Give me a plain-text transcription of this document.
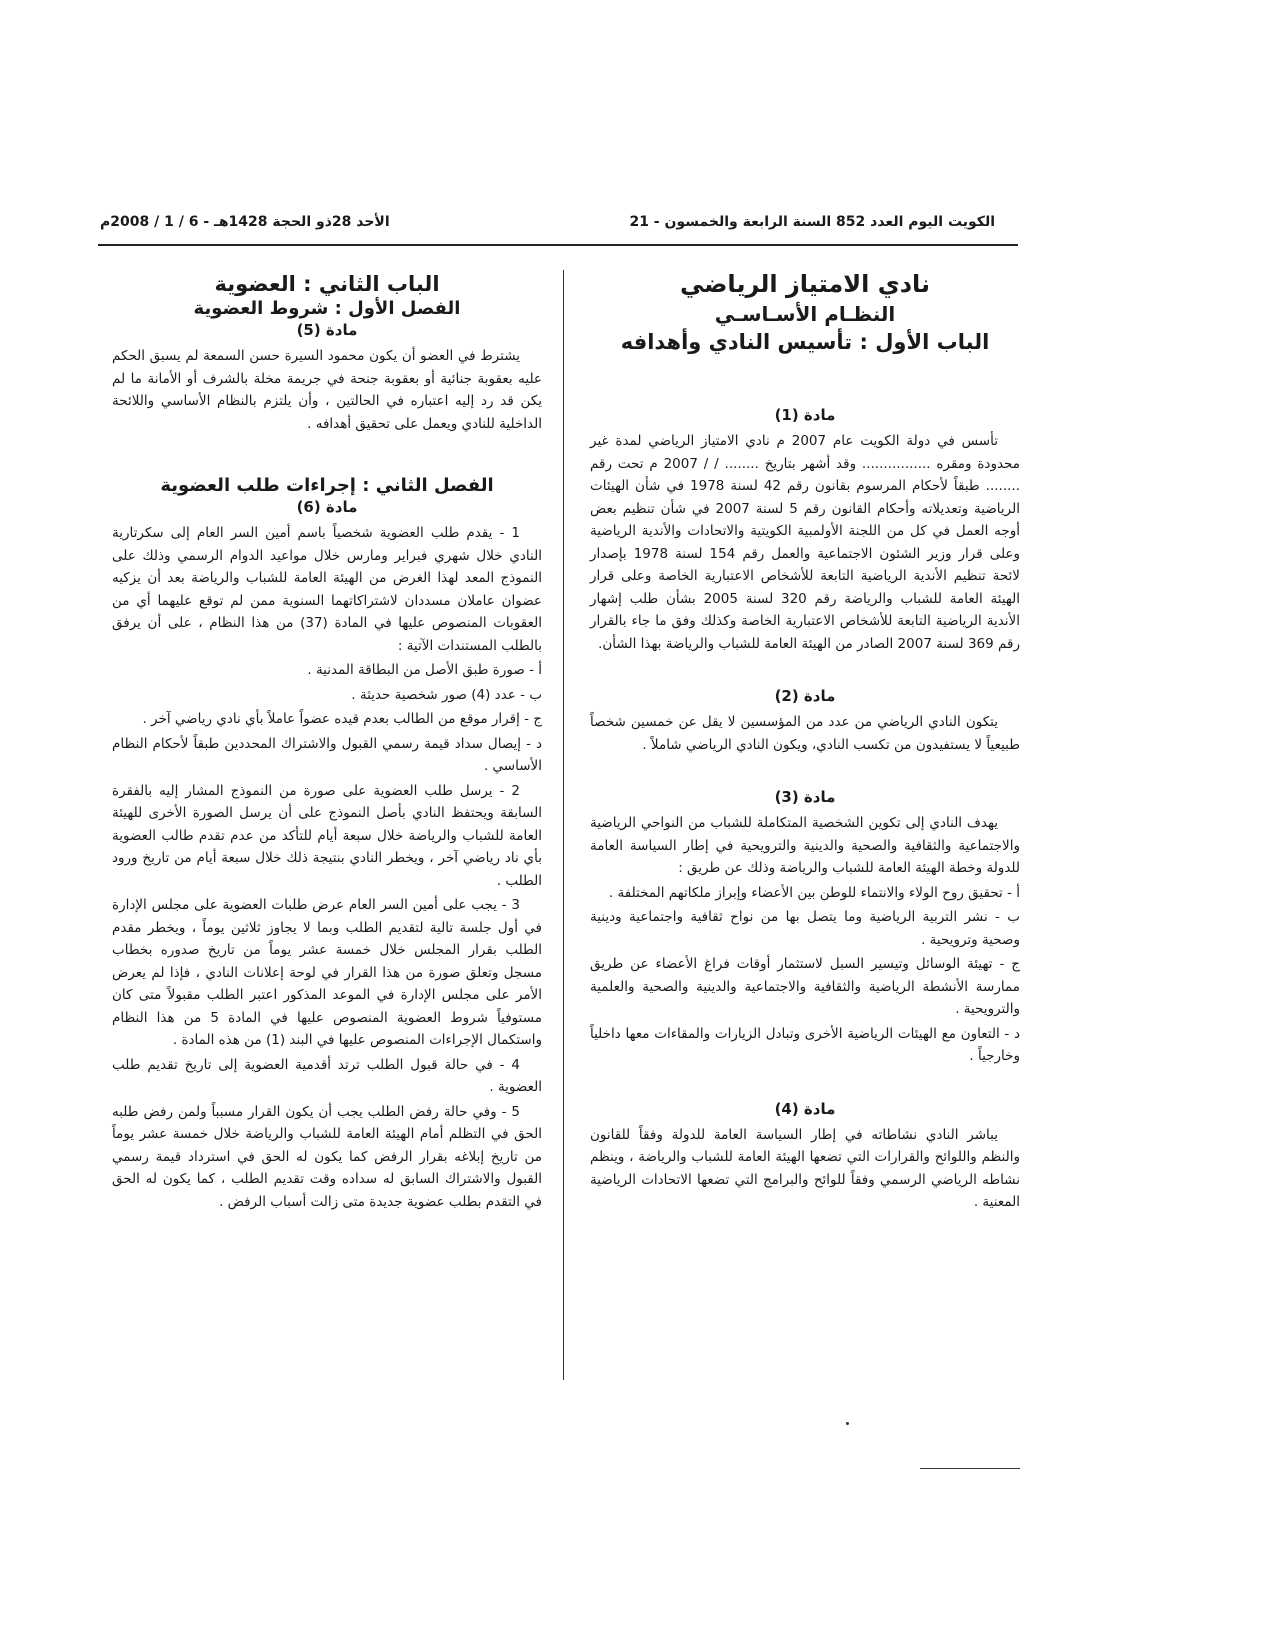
الكويت اليوم العدد 852 السنة الرابعة والخمسون - 21
الأحد 28ذو الحجة 1428هـ - 6 / 1 / 2008م
نادي الامتياز الرياضي
النظـام الأسـاسـي
الباب الأول : تأسيس النادي وأهدافه
مادة (1)

تأسس في دولة الكويت عام 2007 م نادي الامتياز الرياضي لمدة غير محدودة ومقره ................ وقد أشهر بتاريخ ........ / / 2007 م تحت رقم ........ طبقاً لأحكام المرسوم بقانون رقم 42 لسنة 1978 في شأن الهيئات الرياضية وتعديلاته وأحكام القانون رقم 5 لسنة 2007 في شأن تنظيم بعض أوجه العمل في كل من اللجنة الأولمبية الكويتية والاتحادات والأندية الرياضية وعلى قرار وزير الشئون الاجتماعية والعمل رقم 154 لسنة 1978 بإصدار لائحة تنظيم الأندية الرياضية التابعة للأشخاص الاعتبارية الخاصة وعلى قرار الهيئة العامة للشباب والرياضة رقم 320 لسنة 2005 بشأن طلب إشهار الأندية الرياضية التابعة للأشخاص الاعتبارية الخاصة وكذلك وفق ما جاء بالقرار رقم 369 لسنة 2007 الصادر من الهيئة العامة للشباب والرياضة بهذا الشأن.

مادة (2)

يتكون النادي الرياضي من عدد من المؤسسين لا يقل عن خمسين شخصاً طبيعياً لا يستفيدون من تكسب النادي، ويكون النادي الرياضي شاملاً .

مادة (3)

يهدف النادي إلى تكوين الشخصية المتكاملة للشباب من النواحي الرياضية والاجتماعية والثقافية والصحية والدينية والترويحية في إطار السياسة العامة للدولة وخطة الهيئة العامة للشباب والرياضة وذلك عن طريق :

أ - تحقيق روح الولاء والانتماء للوطن بين الأعضاء وإبراز ملكاتهم المختلفة .

ب - نشر التربية الرياضية وما يتصل بها من نواح ثقافية واجتماعية ودينية وصحية وترويحية .

ج - تهيئة الوسائل وتيسير السبل لاستثمار أوقات فراغ الأعضاء عن طريق ممارسة الأنشطة الرياضية والثقافية والاجتماعية والدينية والصحية والعلمية والترويحية .

د - التعاون مع الهيئات الرياضية الأخرى وتبادل الزيارات والمقاءات معها داخلياً وخارجياً .

مادة (4)

يباشر النادي نشاطاته في إطار السياسة العامة للدولة وفقاً للقانون والنظم واللوائح والقرارات التي تضعها الهيئة العامة للشباب والرياضة ، وينظم نشاطه الرياضي الرسمي وفقاً للوائح والبرامج التي تضعها الاتحادات الرياضية المعنية .

الباب الثاني : العضوية
الفصل الأول : شروط العضوية
مادة (5)

يشترط في العضو أن يكون محمود السيرة حسن السمعة لم يسبق الحكم عليه بعقوبة جنائية أو بعقوبة جنحة في جريمة مخلة بالشرف أو الأمانة ما لم يكن قد رد إليه اعتباره في الحالتين ، وأن يلتزم بالنظام الأساسي واللائحة الداخلية للنادي ويعمل على تحقيق أهدافه .

الفصل الثاني : إجراءات طلب العضوية
مادة (6)

1 - يقدم طلب العضوية شخصياً باسم أمين السر العام إلى سكرتارية النادي خلال شهري فبراير ومارس خلال مواعيد الدوام الرسمي وذلك على النموذج المعد لهذا الغرض من الهيئة العامة للشباب والرياضة بعد أن يزكيه عضوان عاملان مسددان لاشتراكاتهما السنوية ممن لم توقع عليهما أي من العقوبات المنصوص عليها في المادة (37) من هذا النظام ، على أن يرفق بالطلب المستندات الآتية :

أ - صورة طبق الأصل من البطاقة المدنية .

ب - عدد (4) صور شخصية حديثة .

ج - إقرار موقع من الطالب بعدم قيده عضواً عاملاً بأي نادي رياضي آخر .

د - إيصال سداد قيمة رسمي القبول والاشتراك المحددين طبقاً لأحكام النظام الأساسي .

2 - يرسل طلب العضوية على صورة من النموذج المشار إليه بالفقرة السابقة ويحتفظ النادي بأصل النموذج على أن يرسل الصورة الأخرى للهيئة العامة للشباب والرياضة خلال سبعة أيام للتأكد من عدم تقدم طالب العضوية بأي ناد رياضي آخر ، ويخطر النادي بنتيجة ذلك خلال سبعة أيام من تاريخ ورود الطلب .

3 - يجب على أمين السر العام عرض طلبات العضوية على مجلس الإدارة في أول جلسة تالية لتقديم الطلب وبما لا يجاوز ثلاثين يوماً ، ويخطر مقدم الطلب بقرار المجلس خلال خمسة عشر يوماً من تاريخ صدوره بخطاب مسجل وتعلق صورة من هذا القرار في لوحة إعلانات النادي ، فإذا لم يعرض الأمر على مجلس الإدارة في الموعد المذكور اعتبر الطلب مقبولاً متى كان مستوفياً شروط العضوية المنصوص عليها في المادة 5 من هذا النظام واستكمال الإجراءات المنصوص عليها في البند (1) من هذه المادة .

4 - في حالة قبول الطلب ترتد أقدمية العضوية إلى تاريخ تقديم طلب العضوية .

5 - وفي حالة رفض الطلب يجب أن يكون القرار مسبباً ولمن رفض طلبه الحق في التظلم أمام الهيئة العامة للشباب والرياضة خلال خمسة عشر يوماً من تاريخ إبلاغه بقرار الرفض كما يكون له الحق في استرداد قيمة رسمي القبول والاشتراك السابق له سداده وقت تقديم الطلب ، كما يكون له الحق في التقدم بطلب عضوية جديدة متى زالت أسباب الرفض .
